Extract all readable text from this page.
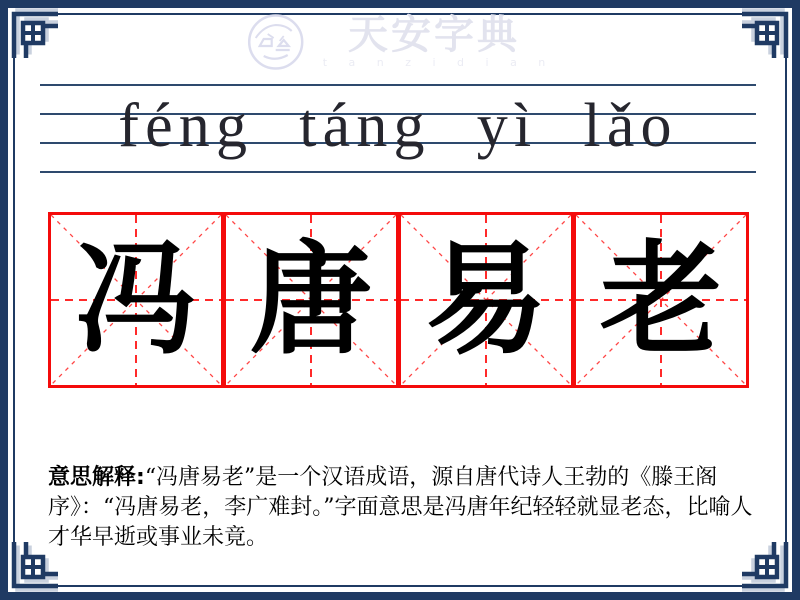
天安字典
t a n z i d i a n
féng táng yì lǎo
冯 唐 易 老

意思解释:“冯唐易老”是一个汉语成语，源自唐代诗人王勃的《滕王阁序》：“冯唐易老，李广难封。”字面意思是冯唐年纪轻轻就显老态，比喻人才华早逝或事业未竟。
